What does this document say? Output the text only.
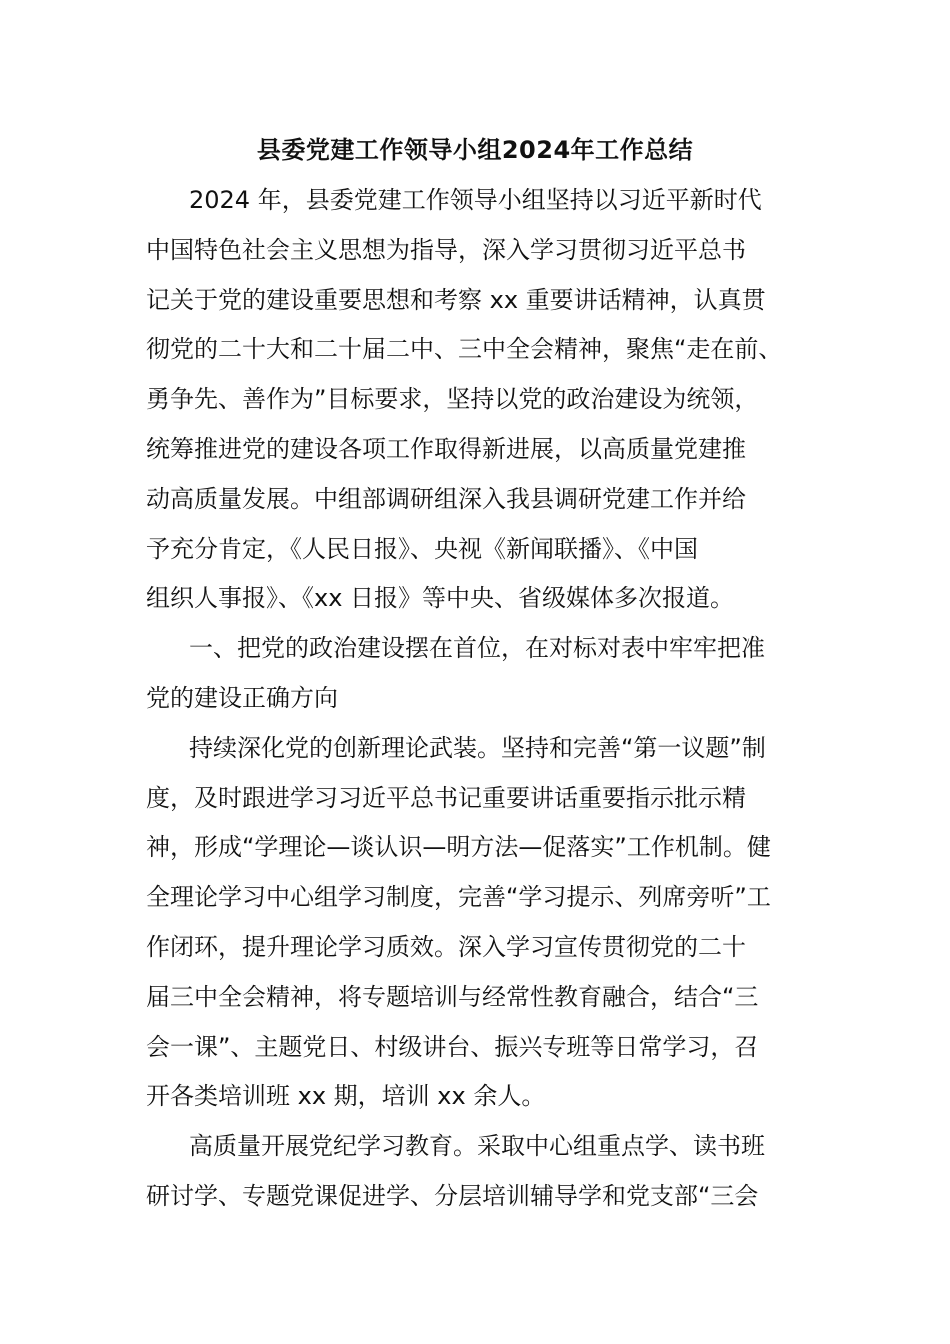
县委党建工作领导小组2024年工作总结
2024 年，县委党建工作领导小组坚持以习近平新时代
中国特色社会主义思想为指导，深入学习贯彻习近平总书
记关于党的建设重要思想和考察 xx 重要讲话精神，认真贯
彻党的二十大和二十届二中、三中全会精神，聚焦“走在前、
勇争先、善作为”目标要求，坚持以党的政治建设为统领，
统筹推进党的建设各项工作取得新进展，以高质量党建推
动高质量发展。中组部调研组深入我县调研党建工作并给
予充分肯定，《人民日报》、央视《新闻联播》、《中国
组织人事报》、《xx 日报》等中央、省级媒体多次报道。
一、把党的政治建设摆在首位，在对标对表中牢牢把准
党的建设正确方向
持续深化党的创新理论武装。坚持和完善“第一议题”制
度，及时跟进学习习近平总书记重要讲话重要指示批示精
神，形成“学理论—谈认识—明方法—促落实”工作机制。健
全理论学习中心组学习制度，完善“学习提示、列席旁听”工
作闭环，提升理论学习质效。深入学习宣传贯彻党的二十
届三中全会精神，将专题培训与经常性教育融合，结合“三
会一课”、主题党日、村级讲台、振兴专班等日常学习，召
开各类培训班 xx 期，培训 xx 余人。
高质量开展党纪学习教育。采取中心组重点学、读书班
研讨学、专题党课促进学、分层培训辅导学和党支部“三会
